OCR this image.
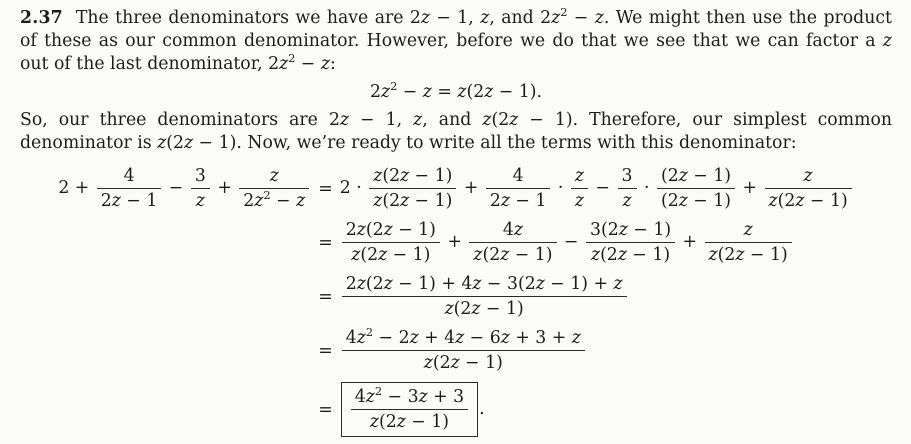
2.37 The three denominators we have are 2z − 1, z, and $2z^2 - z$. We might then use the product of these as our common denominator. However, before we do that we see that we can factor a z out of the last denominator, $2z^2 - z$:

$2z^2 - z = z(2z - 1)$.

So, our three denominators are 2z − 1, z, and z(2z − 1). Therefore, our simplest common denominator is z(2z − 1). Now, we’re ready to write all the terms with this denominator:

$2 + \frac{4}{2z - 1} - \frac{3}{z} + \frac{z}{2z^2 - z} = 2 \cdot \frac{z(2z - 1)}{z(2z - 1)} + \frac{4}{2z - 1} \cdot \frac{z}{z} - \frac{3}{z} \cdot \frac{(2z - 1)}{(2z - 1)} + \frac{z}{z(2z - 1)}$
= $\frac{2z(2z - 1)}{z(2z - 1)} + \frac{4z}{z(2z - 1)} - \frac{3(2z - 1)}{z(2z - 1)} + \frac{z}{z(2z - 1)}$
= $\frac{2z(2z - 1) + 4z - 3(2z - 1) + z}{z(2z - 1)}$
= $\frac{4z^2 - 2z + 4z - 6z + 3 + z}{z(2z - 1)}$
= $\frac{4z^2 - 3z + 3}{z(2z - 1)}$ .
